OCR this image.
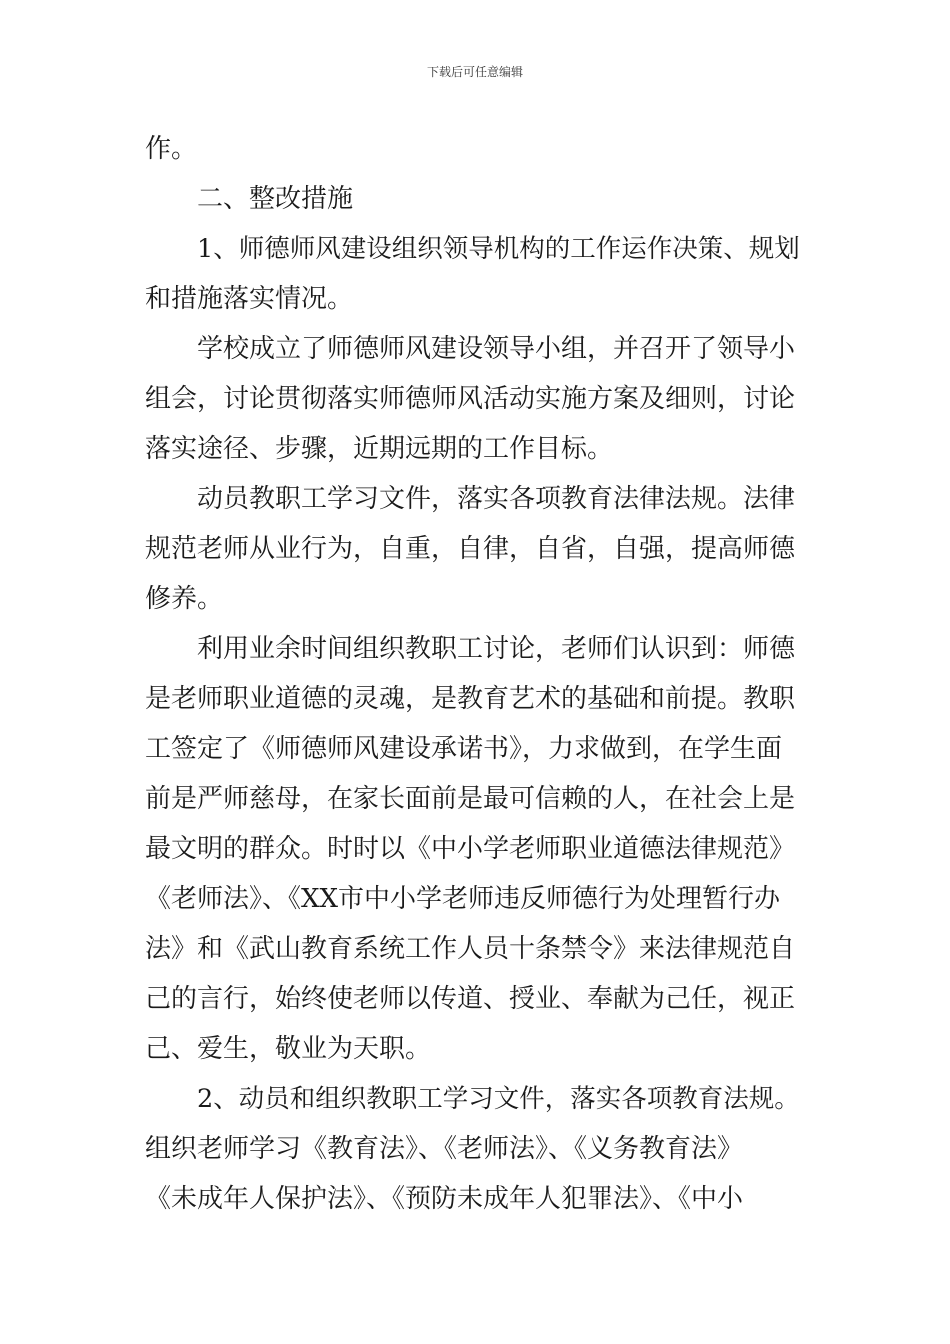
下载后可任意编辑
作。
二、整改措施
1、师德师风建设组织领导机构的工作运作决策、规划
和措施落实情况。
学校成立了师德师风建设领导小组，并召开了领导小
组会，讨论贯彻落实师德师风活动实施方案及细则，讨论
落实途径、步骤，近期远期的工作目标。
动员教职工学习文件，落实各项教育法律法规。法律
规范老师从业行为，自重，自律，自省，自强，提高师德
修养。
利用业余时间组织教职工讨论，老师们认识到：师德
是老师职业道德的灵魂，是教育艺术的基础和前提。教职
工签定了《师德师风建设承诺书》，力求做到，在学生面
前是严师慈母，在家长面前是最可信赖的人，在社会上是
最文明的群众。时时以《中小学老师职业道德法律规范》
《老师法》、《XX市中小学老师违反师德行为处理暂行办
法》和《武山教育系统工作人员十条禁令》来法律规范自
己的言行，始终使老师以传道、授业、奉献为己任，视正
己、爱生，敬业为天职。
2、动员和组织教职工学习文件，落实各项教育法规。
组织老师学习《教育法》、《老师法》、《义务教育法》
《未成年人保护法》、《预防未成年人犯罪法》、《中小
